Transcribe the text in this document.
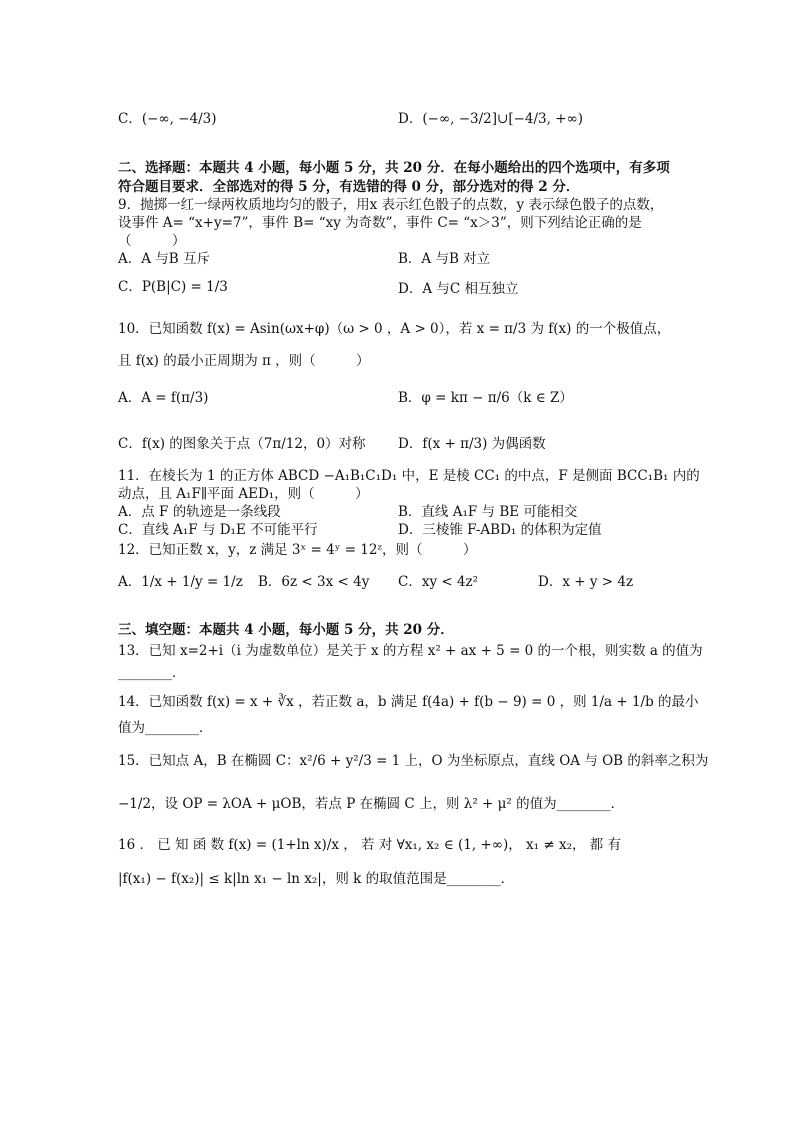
C．(−∞, −4/3)	D．(−∞, −3/2]∪[−4/3, +∞)
二、选择题：本题共 4 小题，每小题 5 分，共 20 分．在每小题给出的四个选项中，有多项
符合题目要求．全部选对的得 5 分，有选错的得 0 分，部分选对的得 2 分．
9．抛掷一红一绿两枚质地均匀的骰子，用x 表示红色骰子的点数，y 表示绿色骰子的点数，
设事件 A= “x+y=7”，事件 B= “xy 为奇数”，事件 C= “x＞3”，则下列结论正确的是
（　　　）
A．A 与B 互斥	B．A 与B 对立
C．P(B|C) = 1/3	D．A 与C 相互独立
10．已知函数 f(x) = Asin(ωx+φ)（ω > 0 ，A > 0），若 x = π/3 为 f(x) 的一个极值点，
且 f(x) 的最小正周期为 π ，则（　　　）
A．A = f(π/3)	B．φ = kπ − π/6（k ∈ Z）
C．f(x) 的图象关于点（7π/12，0）对称 D．f(x + π/3) 为偶函数
11．在棱长为 1 的正方体 ABCD −A₁B₁C₁D₁ 中，E 是棱 CC₁ 的中点，F 是侧面 BCC₁B₁ 内的
动点，且 A₁F∥平面 AED₁，则（　　　）
A．点 F 的轨迹是一条线段	B．直线 A₁F 与 BE 可能相交
C．直线 A₁F 与 D₁E 不可能平行	D．三棱锥 F-ABD₁ 的体积为定值
12．已知正数 x，y，z 满足 3ˣ = 4ʸ = 12ᶻ，则（　　　）
A．1/x + 1/y = 1/z B．6z < 3x < 4y C．xy < 4z²	D．x + y > 4z
三、填空题：本题共 4 小题，每小题 5 分，共 20 分．
13．已知 x=2+i（i 为虚数单位）是关于 x 的方程 x² + ax + 5 = 0 的一个根，则实数 a 的值为
________．
14．已知函数 f(x) = x + ∛x ，若正数 a，b 满足 f(4a) + f(b − 9) = 0 ，则 1/a + 1/b 的最小
值为________．
15．已知点 A，B 在椭圆 C：x²/6 + y²/3 = 1 上，O 为坐标原点，直线 OA 与 OB 的斜率之积为
−1/2，设 OP = λOA + μOB，若点 P 在椭圆 C 上，则 λ² + μ² 的值为________．
16 ． 已 知 函 数 f(x) = (1+ln x)/x ， 若 对 ∀x₁, x₂ ∈ (1, +∞)， x₁ ≠ x₂， 都 有
|f(x₁) − f(x₂)| ≤ k|ln x₁ − ln x₂|，则 k 的取值范围是________．
